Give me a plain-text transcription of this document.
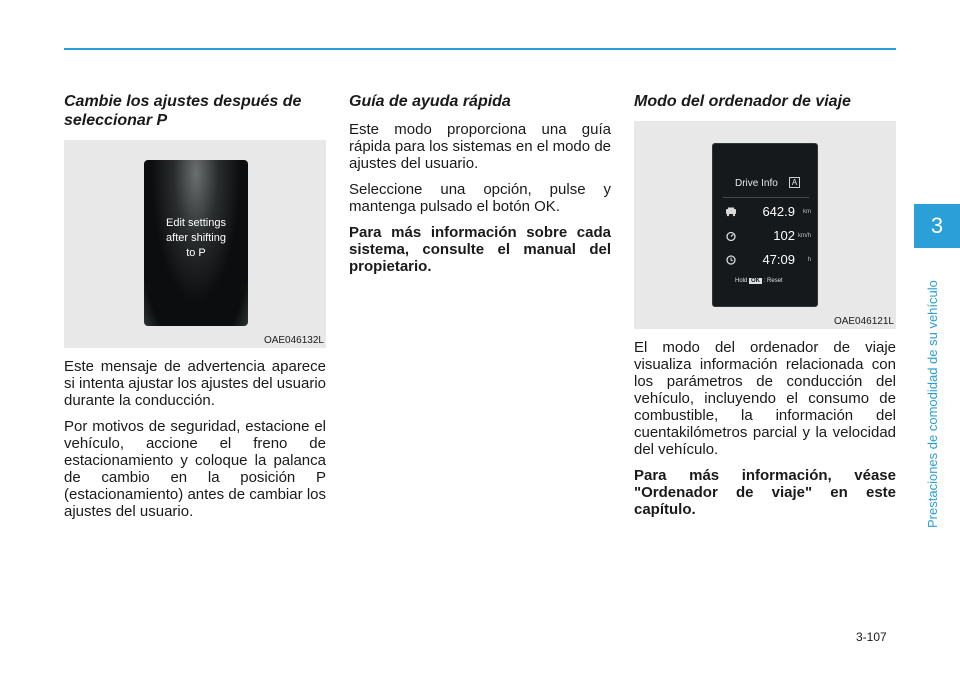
Cambie los ajustes después de seleccionar P
Edit settings
after shifting
to P
OAE046132L

Este mensaje de advertencia aparece si intenta ajustar los ajustes del usuario durante la conducción.

Por motivos de seguridad, estacione el vehículo, accione el freno de estacionamiento y coloque la palanca de cambio en la posición P (estacionamiento) antes de cambiar los ajustes del usuario.

Guía de ayuda rápida

Este modo proporciona una guía rápida para los sistemas en el modo de ajustes del usuario.

Seleccione una opción, pulse y mantenga pulsado el botón OK.

Para más información sobre cada sistema, consulte el manual del propietario.

Modo del ordenador de viaje
Drive Info	A
642.9 km
102 km/h
47:09 h
Hold OK : Reset
OAE046121L

El modo del ordenador de viaje visualiza información relacionada con los parámetros de conducción del vehículo, incluyendo el consumo de combustible, la información del cuentakilómetros parcial y la velocidad del vehículo.

Para más información, véase "Ordenador de viaje" en este capítulo.

3-107
3
Prestaciones de comodidad de su vehículo
